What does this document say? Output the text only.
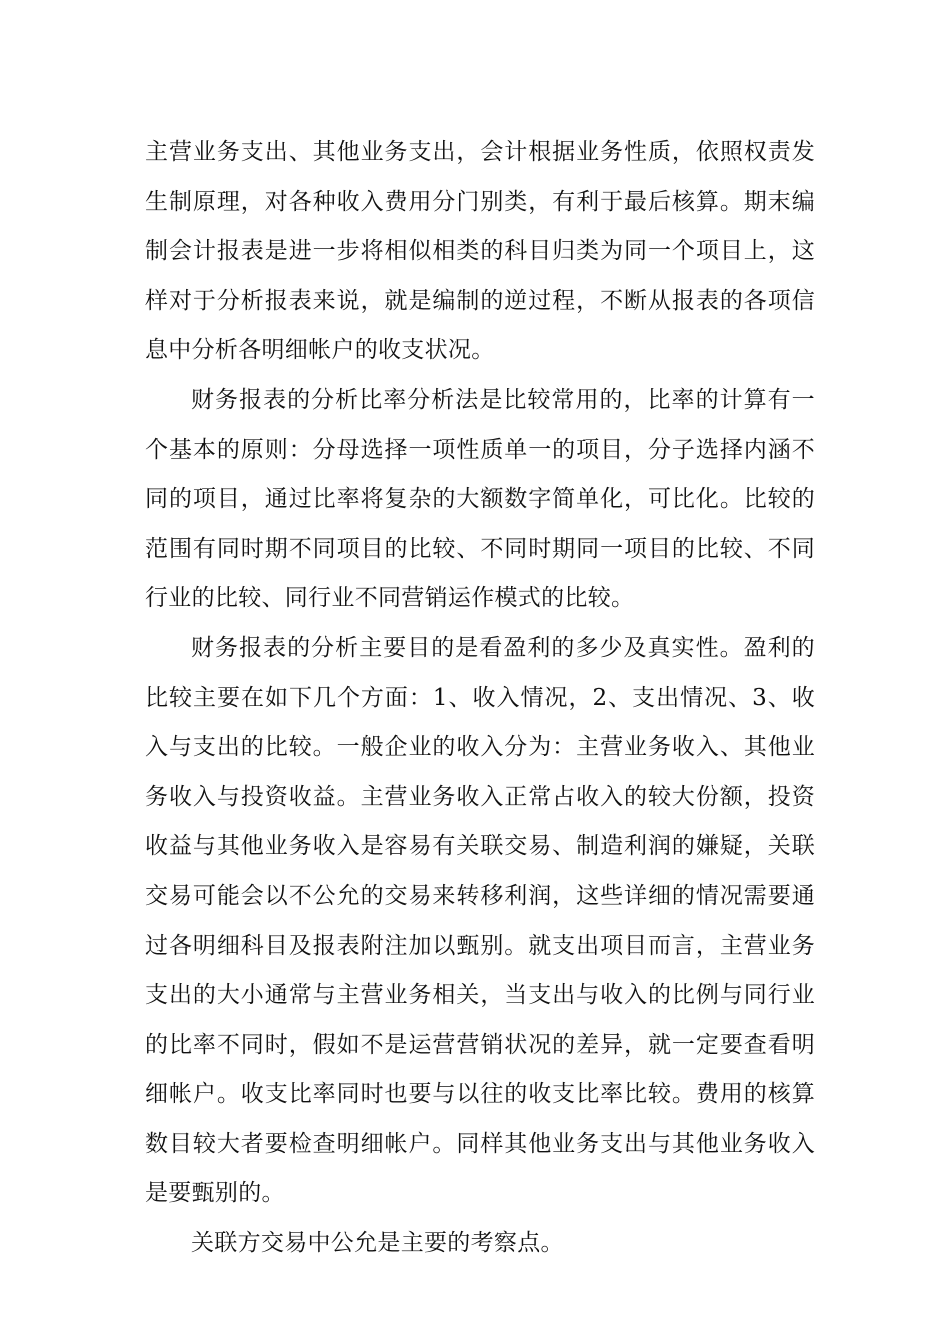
主营业务支出、其他业务支出，会计根据业务性质，依照权责发生制原理，对各种收入费用分门别类，有利于最后核算。期末编制会计报表是进一步将相似相类的科目归类为同一个项目上，这样对于分析报表来说，就是编制的逆过程，不断从报表的各项信息中分析各明细帐户的收支状况。

财务报表的分析比率分析法是比较常用的，比率的计算有一个基本的原则：分母选择一项性质单一的项目，分子选择内涵不同的项目，通过比率将复杂的大额数字简单化，可比化。比较的范围有同时期不同项目的比较、不同时期同一项目的比较、不同行业的比较、同行业不同营销运作模式的比较。

财务报表的分析主要目的是看盈利的多少及真实性。盈利的比较主要在如下几个方面：1、收入情况，2、支出情况、3、收入与支出的比较。一般企业的收入分为：主营业务收入、其他业务收入与投资收益。主营业务收入正常占收入的较大份额，投资收益与其他业务收入是容易有关联交易、制造利润的嫌疑，关联交易可能会以不公允的交易来转移利润，这些详细的情况需要通过各明细科目及报表附注加以甄别。就支出项目而言，主营业务支出的大小通常与主营业务相关，当支出与收入的比例与同行业的比率不同时，假如不是运营营销状况的差异，就一定要查看明细帐户。收支比率同时也要与以往的收支比率比较。费用的核算数目较大者要检查明细帐户。同样其他业务支出与其他业务收入是要甄别的。

关联方交易中公允是主要的考察点。
